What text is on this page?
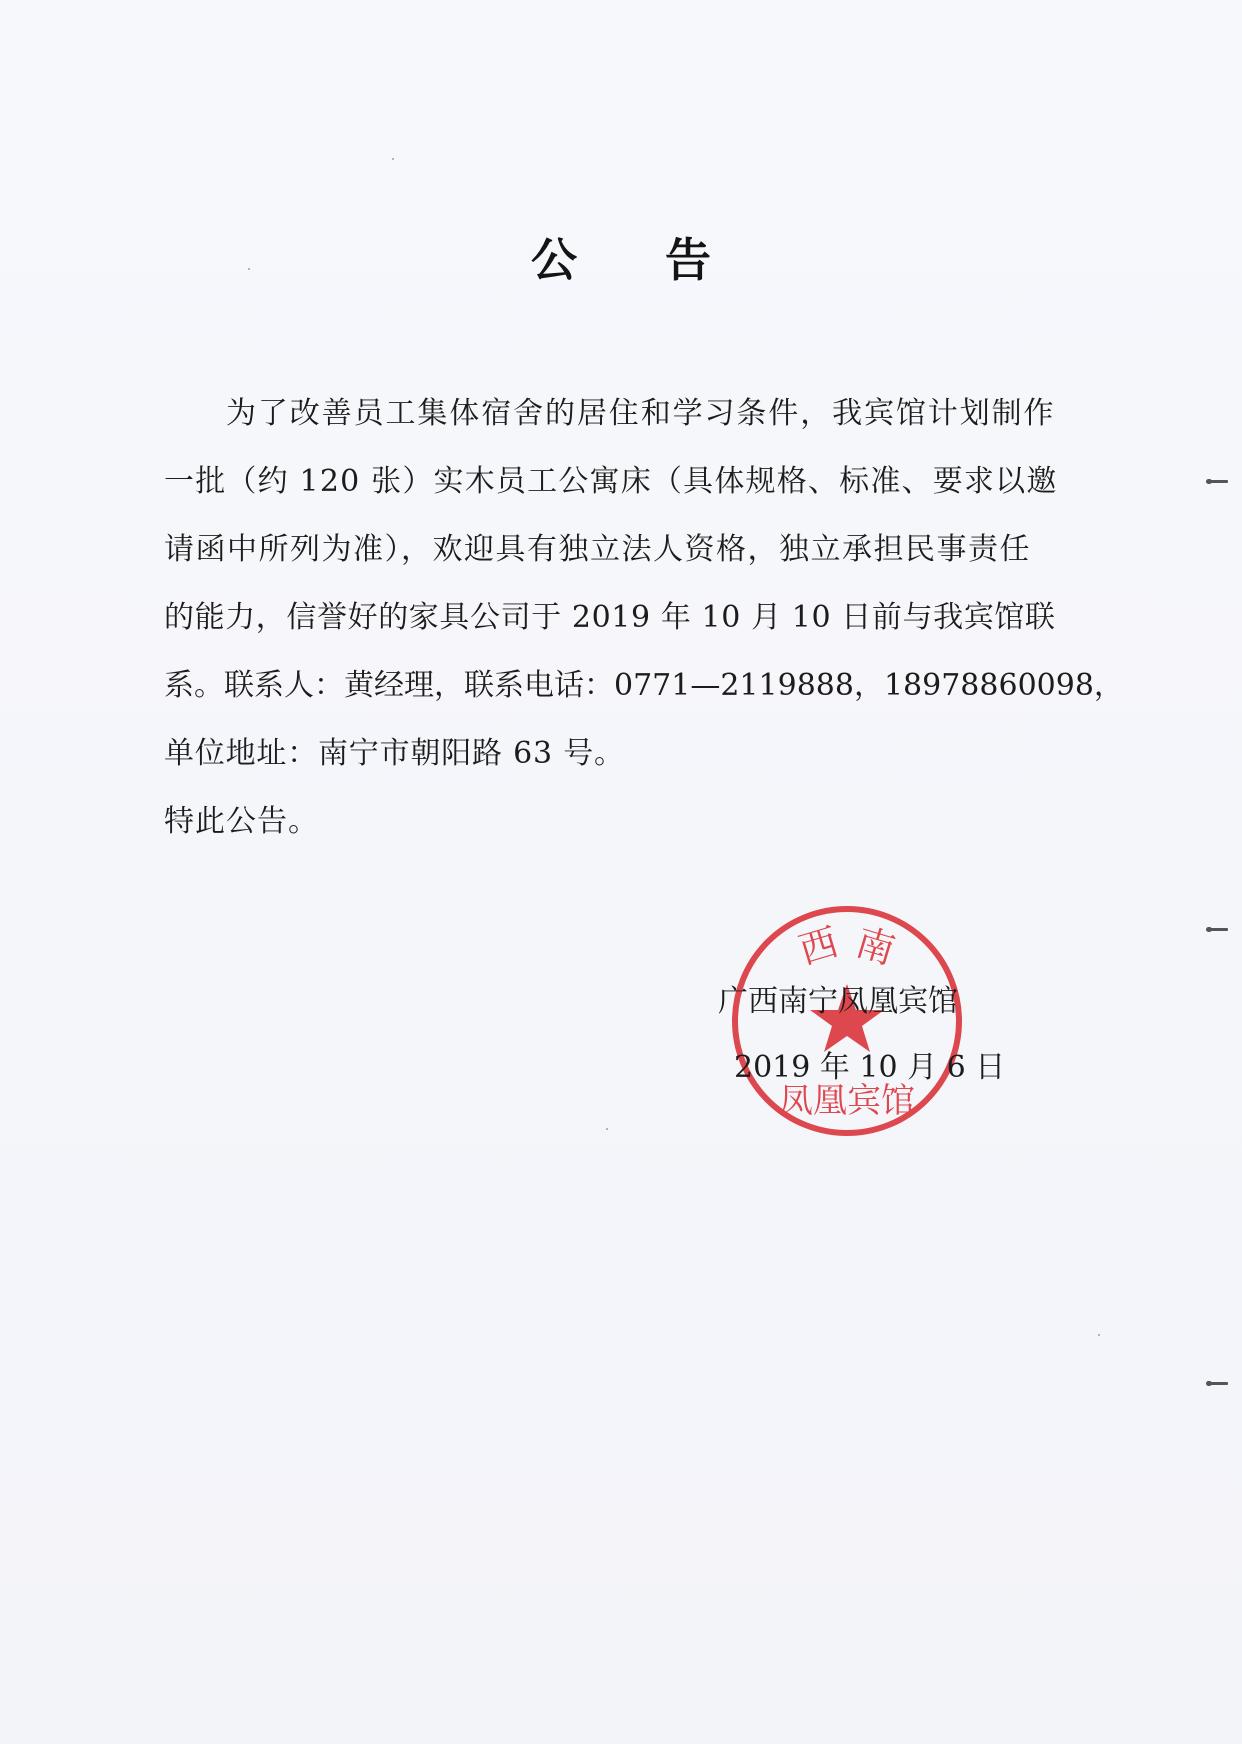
公 告
为了改善员工集体宿舍的居住和学习条件，我宾馆计划制作
一批（约 120 张）实木员工公寓床（具体规格、标准、要求以邀
请函中所列为准），欢迎具有独立法人资格，独立承担民事责任
的能力，信誉好的家具公司于 2019 年 10 月 10 日前与我宾馆联
系。联系人：黄经理，联系电话：0771—2119888，18978860098，
单位地址：南宁市朝阳路 63 号。
特此公告。
西 南
凤凰宾馆
广西南宁凤凰宾馆
2019 年 10 月 6 日
